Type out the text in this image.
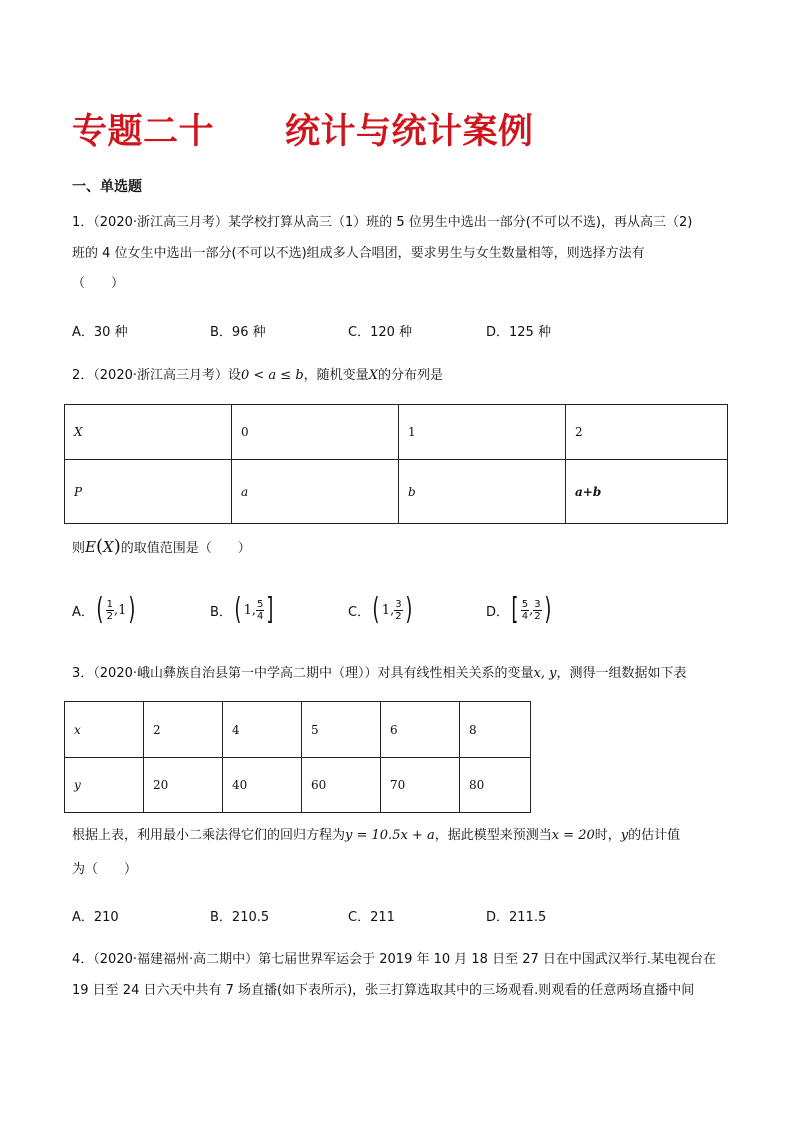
专题二十　　统计与统计案例
一、单选题
1．（2020·浙江高三月考）某学校打算从高三（1）班的 5 位男生中选出一部分(不可以不选)，再从高三（2)
班的 4 位女生中选出一部分(不可以不选)组成多人合唱团，要求男生与女生数量相等，则选择方法有
（　　）
A．30 种	B．96 种	C．120 种	D．125 种
2．（2020·浙江高三月考）设0 < a ≤ b，随机变量X的分布列是
X	0	1	2
P	a	b	a+b
则E(X)的取值范围是（　　）
A． ( $\frac{1}{2} ,1$ )	B． ( 1, $\frac{5}{4}$ ]	C． ( 1, $\frac{3}{2}$ )	D． [ $\frac{5}{4}$ , $\frac{3}{2}$ )
3．（2020·峨山彝族自治县第一中学高二期中（理））对具有线性相关关系的变量x, y，测得一组数据如下表
x	2	4	5	6	8
y	20	40	60	70	80
根据上表，利用最小二乘法得它们的回归方程为y = 10.5x + a，据此模型来预测当x = 20时，y的估计值
为（　　）
A．210	B．210.5	C．211	D．211.5
4．（2020·福建福州·高二期中）第七届世界军运会于 2019 年 10 月 18 日至 27 日在中国武汉举行.某电视台在
19 日至 24 日六天中共有 7 场直播(如下表所示)，张三打算选取其中的三场观看.则观看的任意两场直播中间
